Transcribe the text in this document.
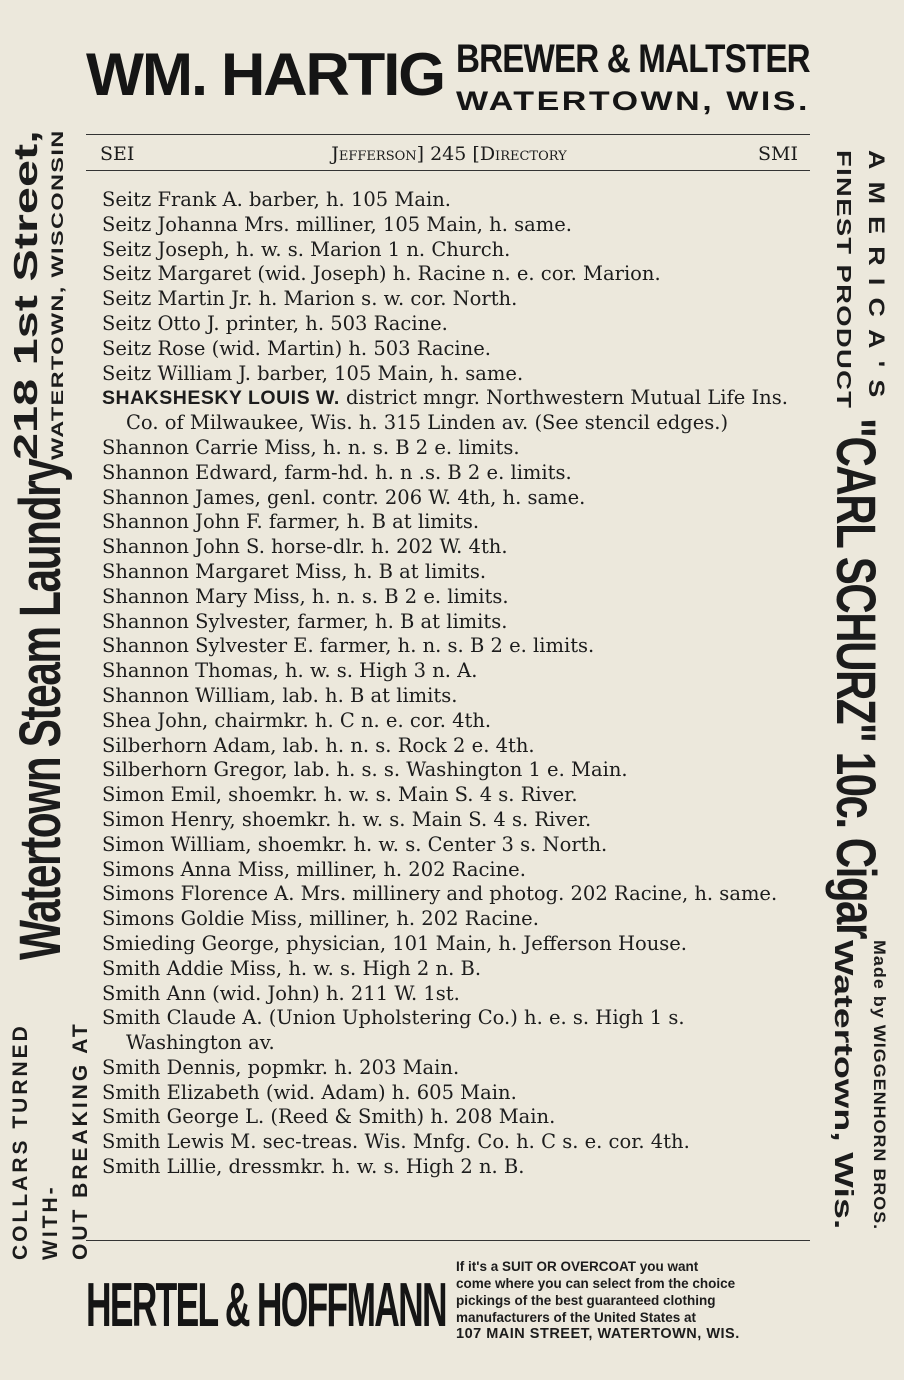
WM. HARTIG BREWER & MALTSTER
WATERTOWN, WIS.
SEI	Jefferson] 245 [Directory	SMI
Seitz Frank A. barber, h. 105 Main.
Seitz Johanna Mrs. milliner, 105 Main, h. same.
Seitz Joseph, h. w. s. Marion 1 n. Church.
Seitz Margaret (wid. Joseph) h. Racine n. e. cor. Marion.
Seitz Martin Jr. h. Marion s. w. cor. North.
Seitz Otto J. printer, h. 503 Racine.
Seitz Rose (wid. Martin) h. 503 Racine.
Seitz William J. barber, 105 Main, h. same.
SHAKSHESKY LOUIS W. district mngr. Northwestern Mutual Life Ins. Co. of Milwaukee, Wis. h. 315 Linden av. (See stencil edges.)
Shannon Carrie Miss, h. n. s. B 2 e. limits.
Shannon Edward, farm-hd. h. n .s. B 2 e. limits.
Shannon James, genl. contr. 206 W. 4th, h. same.
Shannon John F. farmer, h. B at limits.
Shannon John S. horse-dlr. h. 202 W. 4th.
Shannon Margaret Miss, h. B at limits.
Shannon Mary Miss, h. n. s. B 2 e. limits.
Shannon Sylvester, farmer, h. B at limits.
Shannon Sylvester E. farmer, h. n. s. B 2 e. limits.
Shannon Thomas, h. w. s. High 3 n. A.
Shannon William, lab. h. B at limits.
Shea John, chairmkr. h. C n. e. cor. 4th.
Silberhorn Adam, lab. h. n. s. Rock 2 e. 4th.
Silberhorn Gregor, lab. h. s. s. Washington 1 e. Main.
Simon Emil, shoemkr. h. w. s. Main S. 4 s. River.
Simon Henry, shoemkr. h. w. s. Main S. 4 s. River.
Simon William, shoemkr. h. w. s. Center 3 s. North.
Simons Anna Miss, milliner, h. 202 Racine.
Simons Florence A. Mrs. millinery and photog. 202 Racine, h. same.
Simons Goldie Miss, milliner, h. 202 Racine.
Smieding George, physician, 101 Main, h. Jefferson House.
Smith Addie Miss, h. w. s. High 2 n. B.
Smith Ann (wid. John) h. 211 W. 1st.
Smith Claude A. (Union Upholstering Co.) h. e. s. High 1 s. Washington av.
Smith Dennis, popmkr. h. 203 Main.
Smith Elizabeth (wid. Adam) h. 605 Main.
Smith George L. (Reed & Smith) h. 208 Main.
Smith Lewis M. sec-treas. Wis. Mnfg. Co. h. C s. e. cor. 4th.
Smith Lillie, dressmkr. h. w. s. High 2 n. B.
COLLARS TURNED WITH- OUT BREAKING AT
Watertown Steam Laundry
218 1st Street, WATERTOWN, WISCONSIN	AMERICA'S
FINEST PRODUCT
"CARL SCHURZ" 10c. Cigar
Made by WIGGENHORN BROS.
Watertown, Wis.
HERTEL & HOFFMANN
If it's a SUIT OR OVERCOAT you want
come where you can select from the choice
pickings of the best guaranteed clothing
manufacturers of the United States at
107 MAIN STREET, WATERTOWN, WIS.
